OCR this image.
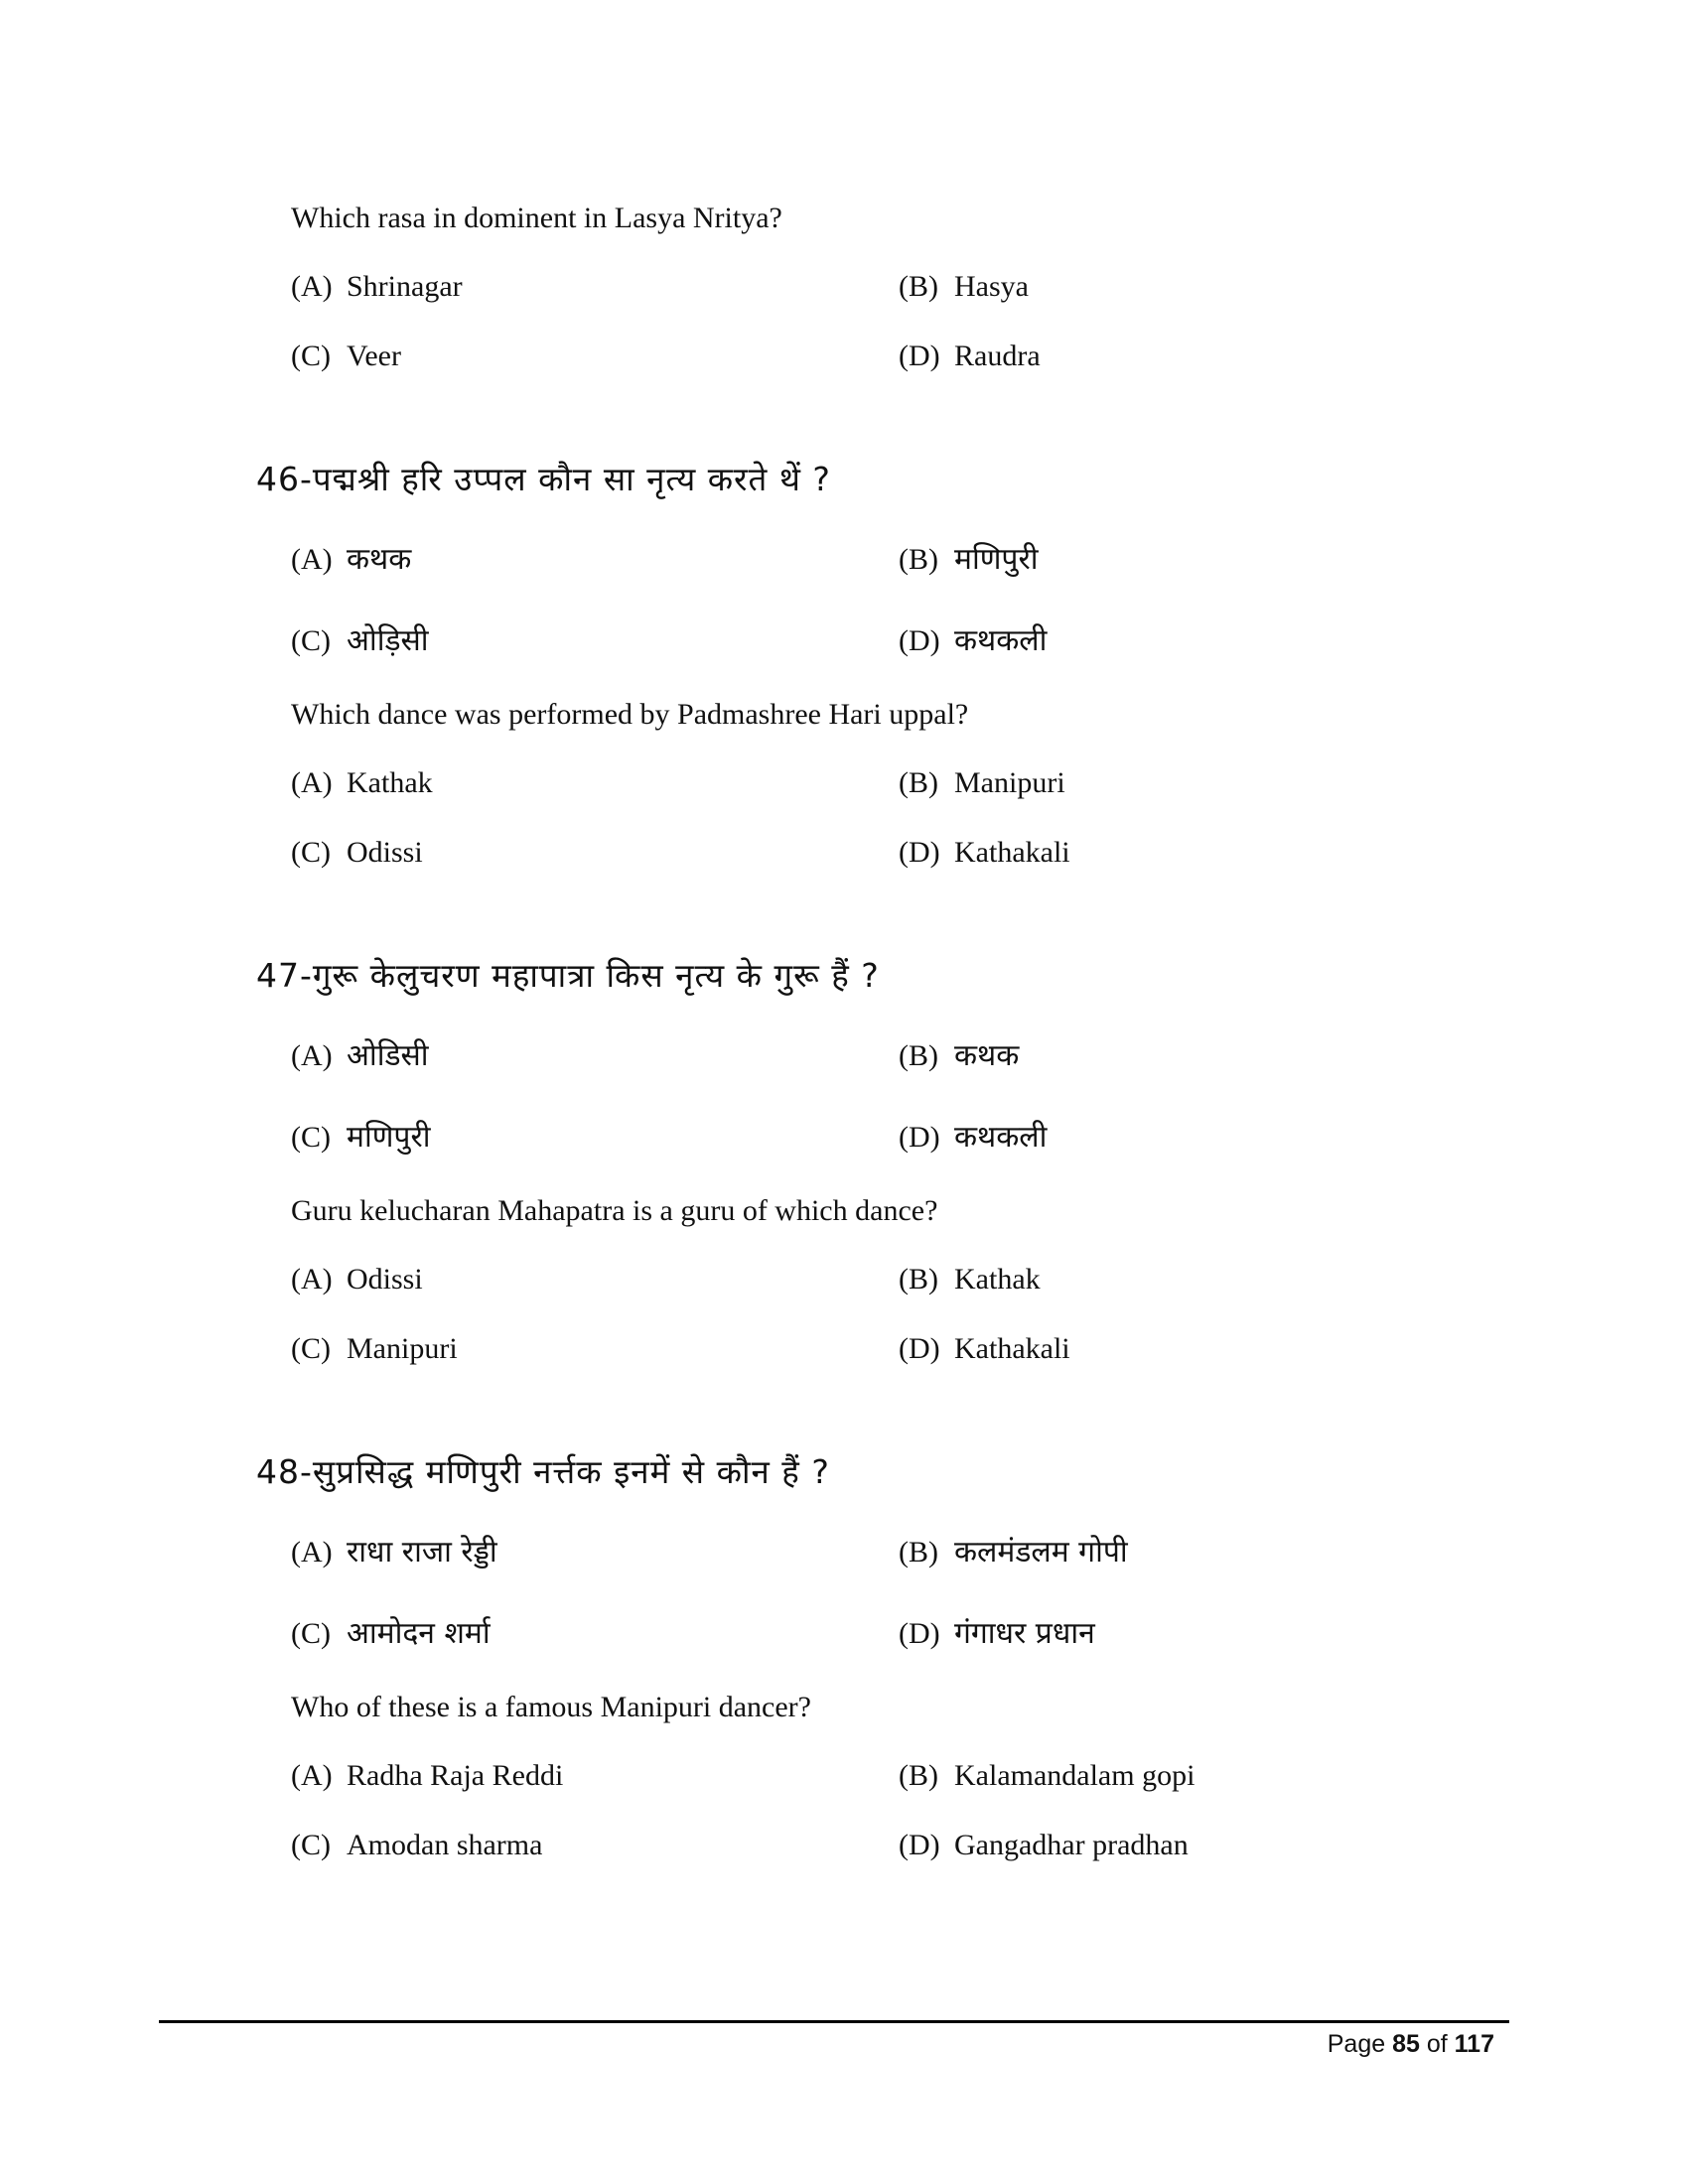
Which rasa in dominent in Lasya Nritya?
(A) Shrinagar	(B) Hasya
(C) Veer	(D) Raudra
46-पद्मश्री हरि उप्पल कौन सा नृत्य करते थें ?
(A) कथक	(B) मणिपुरी
(C) ओड़िसी	(D) कथकली
Which dance was performed by Padmashree Hari uppal?
(A) Kathak	(B) Manipuri
(C) Odissi	(D) Kathakali
47-गुरू केलुचरण महापात्रा किस नृत्य के गुरू हैं ?
(A) ओडिसी	(B) कथक
(C) मणिपुरी	(D) कथकली
Guru kelucharan Mahapatra is a guru of which dance?
(A) Odissi	(B) Kathak
(C) Manipuri	(D) Kathakali
48-सुप्रसिद्ध मणिपुरी नर्त्तक इनमें से कौन हैं ?
(A) राधा राजा रेड्डी	(B) कलमंडलम गोपी
(C) आमोदन शर्मा	(D) गंगाधर प्रधान
Who of these is a famous Manipuri dancer?
(A) Radha Raja Reddi	(B) Kalamandalam gopi
(C) Amodan sharma	(D) Gangadhar pradhan
Page 85 of 117
